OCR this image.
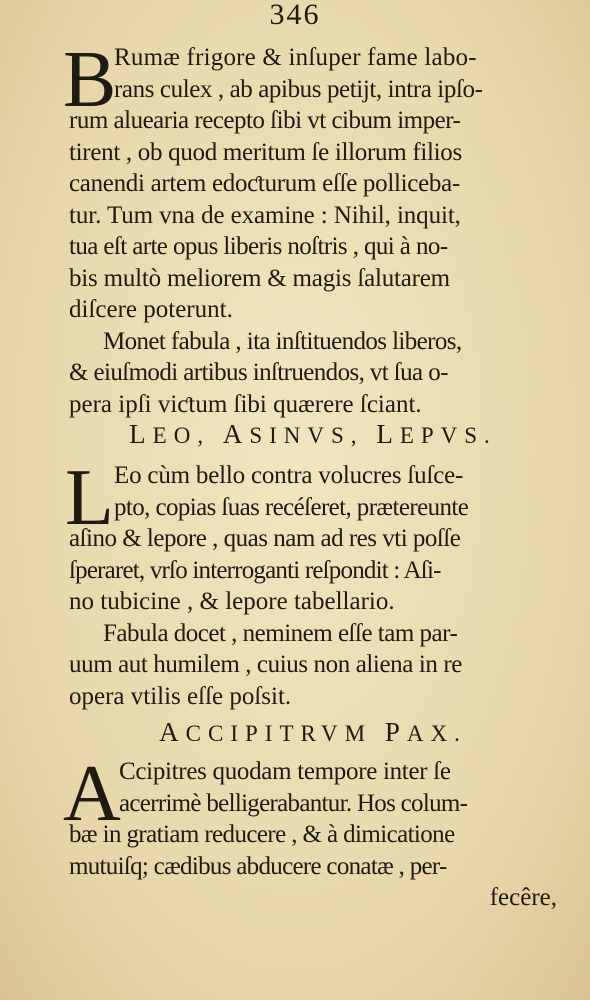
346
B
Rumæ frigore & inſuper fame labo-
rans culex , ab apibus petijt, intra ipſo-
rum aluearia recepto ſibi vt cibum imper-
tirent , ob quod meritum ſe illorum filios
canendi artem edoƈturum eſſe polliceba-
tur. Tum vna de examine : Nihil, inquit,
tua eſt arte opus liberis noſtris , qui à no-
bis multò meliorem & magis ſalutarem
diſcere poterunt.
Monet fabula , ita inſtituendos liberos,
& eiuſmodi artibus inſtruendos, vt ſua o-
pera ipſi viƈtum ſibi quærere ſciant.
LEO, ASINVS, LEPVS.
L Eo cùm bello contra volucres ſuſce-
pto, copias ſuas recéſeret, prætereunte
aſino & lepore , quas nam ad res vti poſſe
ſperaret, vrſo interroganti reſpondit : Aſi-
no tubicine , & lepore tabellario.
Fabula docet , neminem eſſe tam par-
uum aut humilem , cuius non aliena in re
opera vtilis eſſe poſsit.
ACCIPITRVM PAX.
A
Ccipitres quodam tempore inter ſe
acerrimè belligerabantur. Hos colum-
bæ in gratiam reducere , & à dimicatione
mutuiſq; cædibus abducere conatæ , per-
fecêre,
